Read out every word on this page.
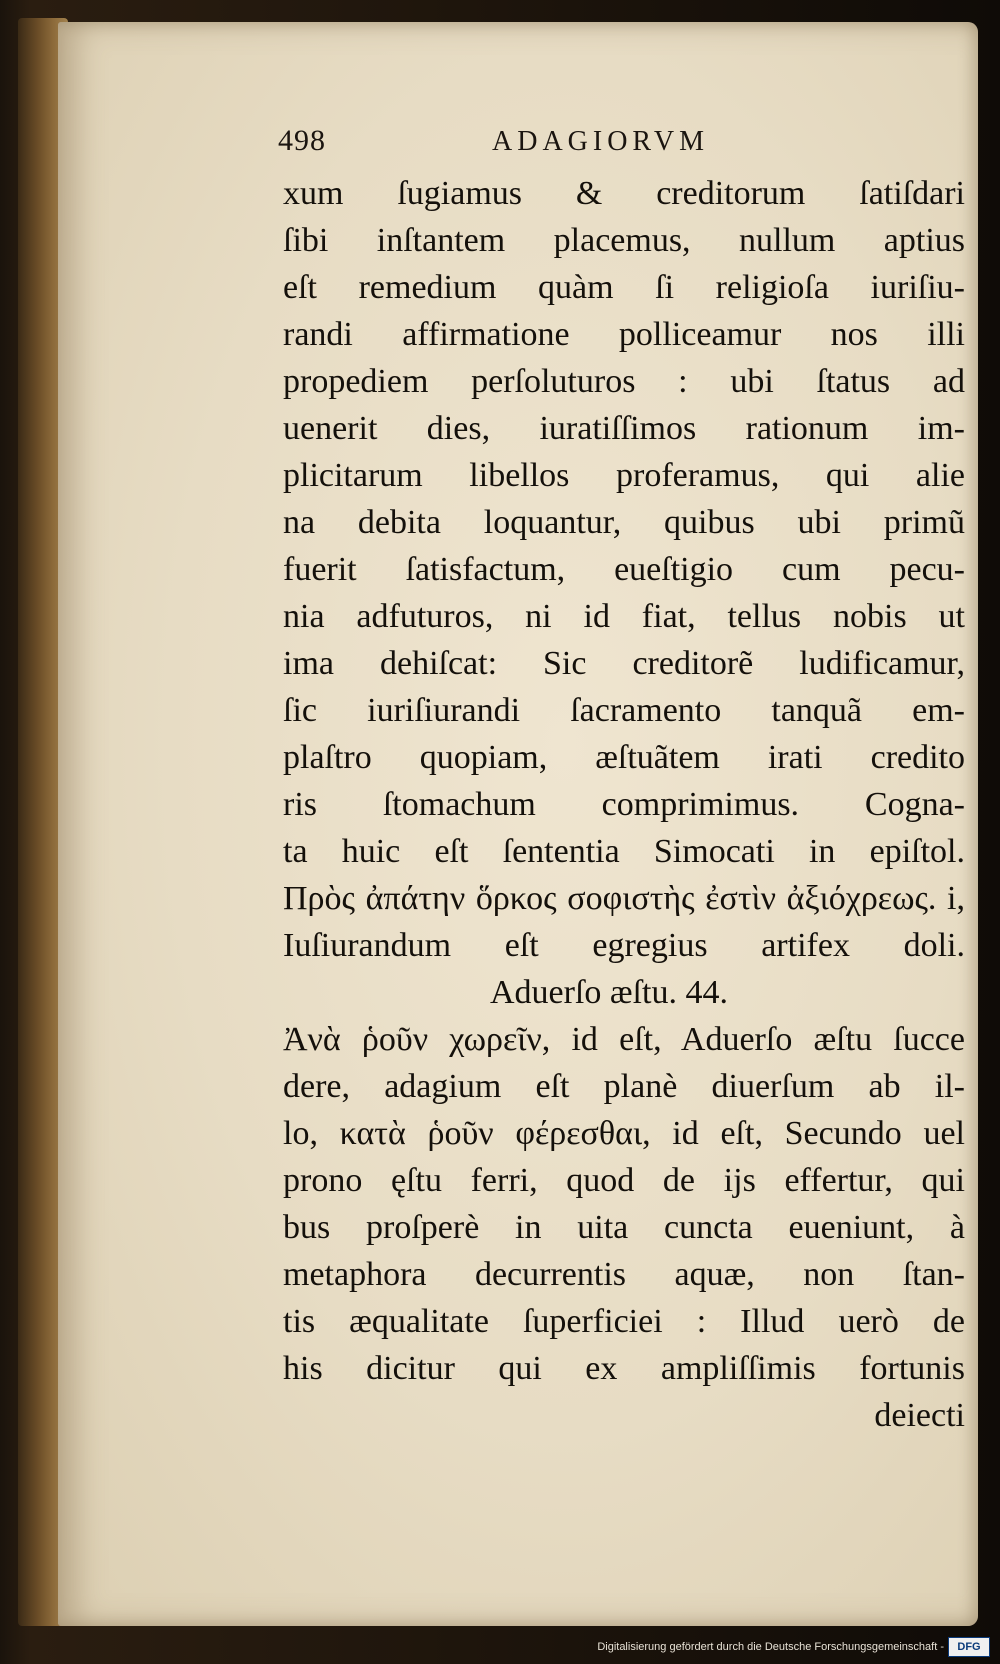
498	ADAGIORVM
xum ſugiamus & creditorum ſatiſdari
ſibi inſtantem placemus, nullum aptius
eſt remedium quàm ſi religioſa iuriſiu-
randi affirmatione polliceamur nos illi
propediem perſoluturos : ubi ſtatus ad
uenerit dies, iuratiſſimos rationum im-
plicitarum libellos proferamus, qui alie
na debita loquantur, quibus ubi primũ
fuerit ſatisfactum, eueſtigio cum pecu-
nia adfuturos, ni id fiat, tellus nobis ut
ima dehiſcat: Sic creditorẽ ludificamur,
ſic iuriſiurandi ſacramento tanquã em-
plaſtro quopiam, æſtuãtem irati credito
ris ſtomachum comprimimus. Cogna-
ta huic eſt ſententia Simocati in epiſtol.
Πρὸς ἀπάτην ὅρκος σοφιστὴς ἐστὶν ἀξιόχρεως. i,
Iuſiurandum eſt egregius artifex doli.
Aduerſo æſtu. 44.
Ἀνὰ ῥοῦν χωρεῖν, id eſt, Aduerſo æſtu ſucce
dere, adagium eſt planè diuerſum ab il-
lo, κατὰ ῥοῦν φέρεσθαι, id eſt, Secundo uel
prono ęſtu ferri, quod de ijs effertur, qui
bus proſperè in uita cuncta eueniunt, à
metaphora decurrentis aquæ, non ſtan-
tis æqualitate ſuperficiei : Illud uerò de
his dicitur qui ex ampliſſimis fortunis
deiecti
Digitalisierung gefördert durch die Deutsche Forschungsgemeinschaft -	DFG
